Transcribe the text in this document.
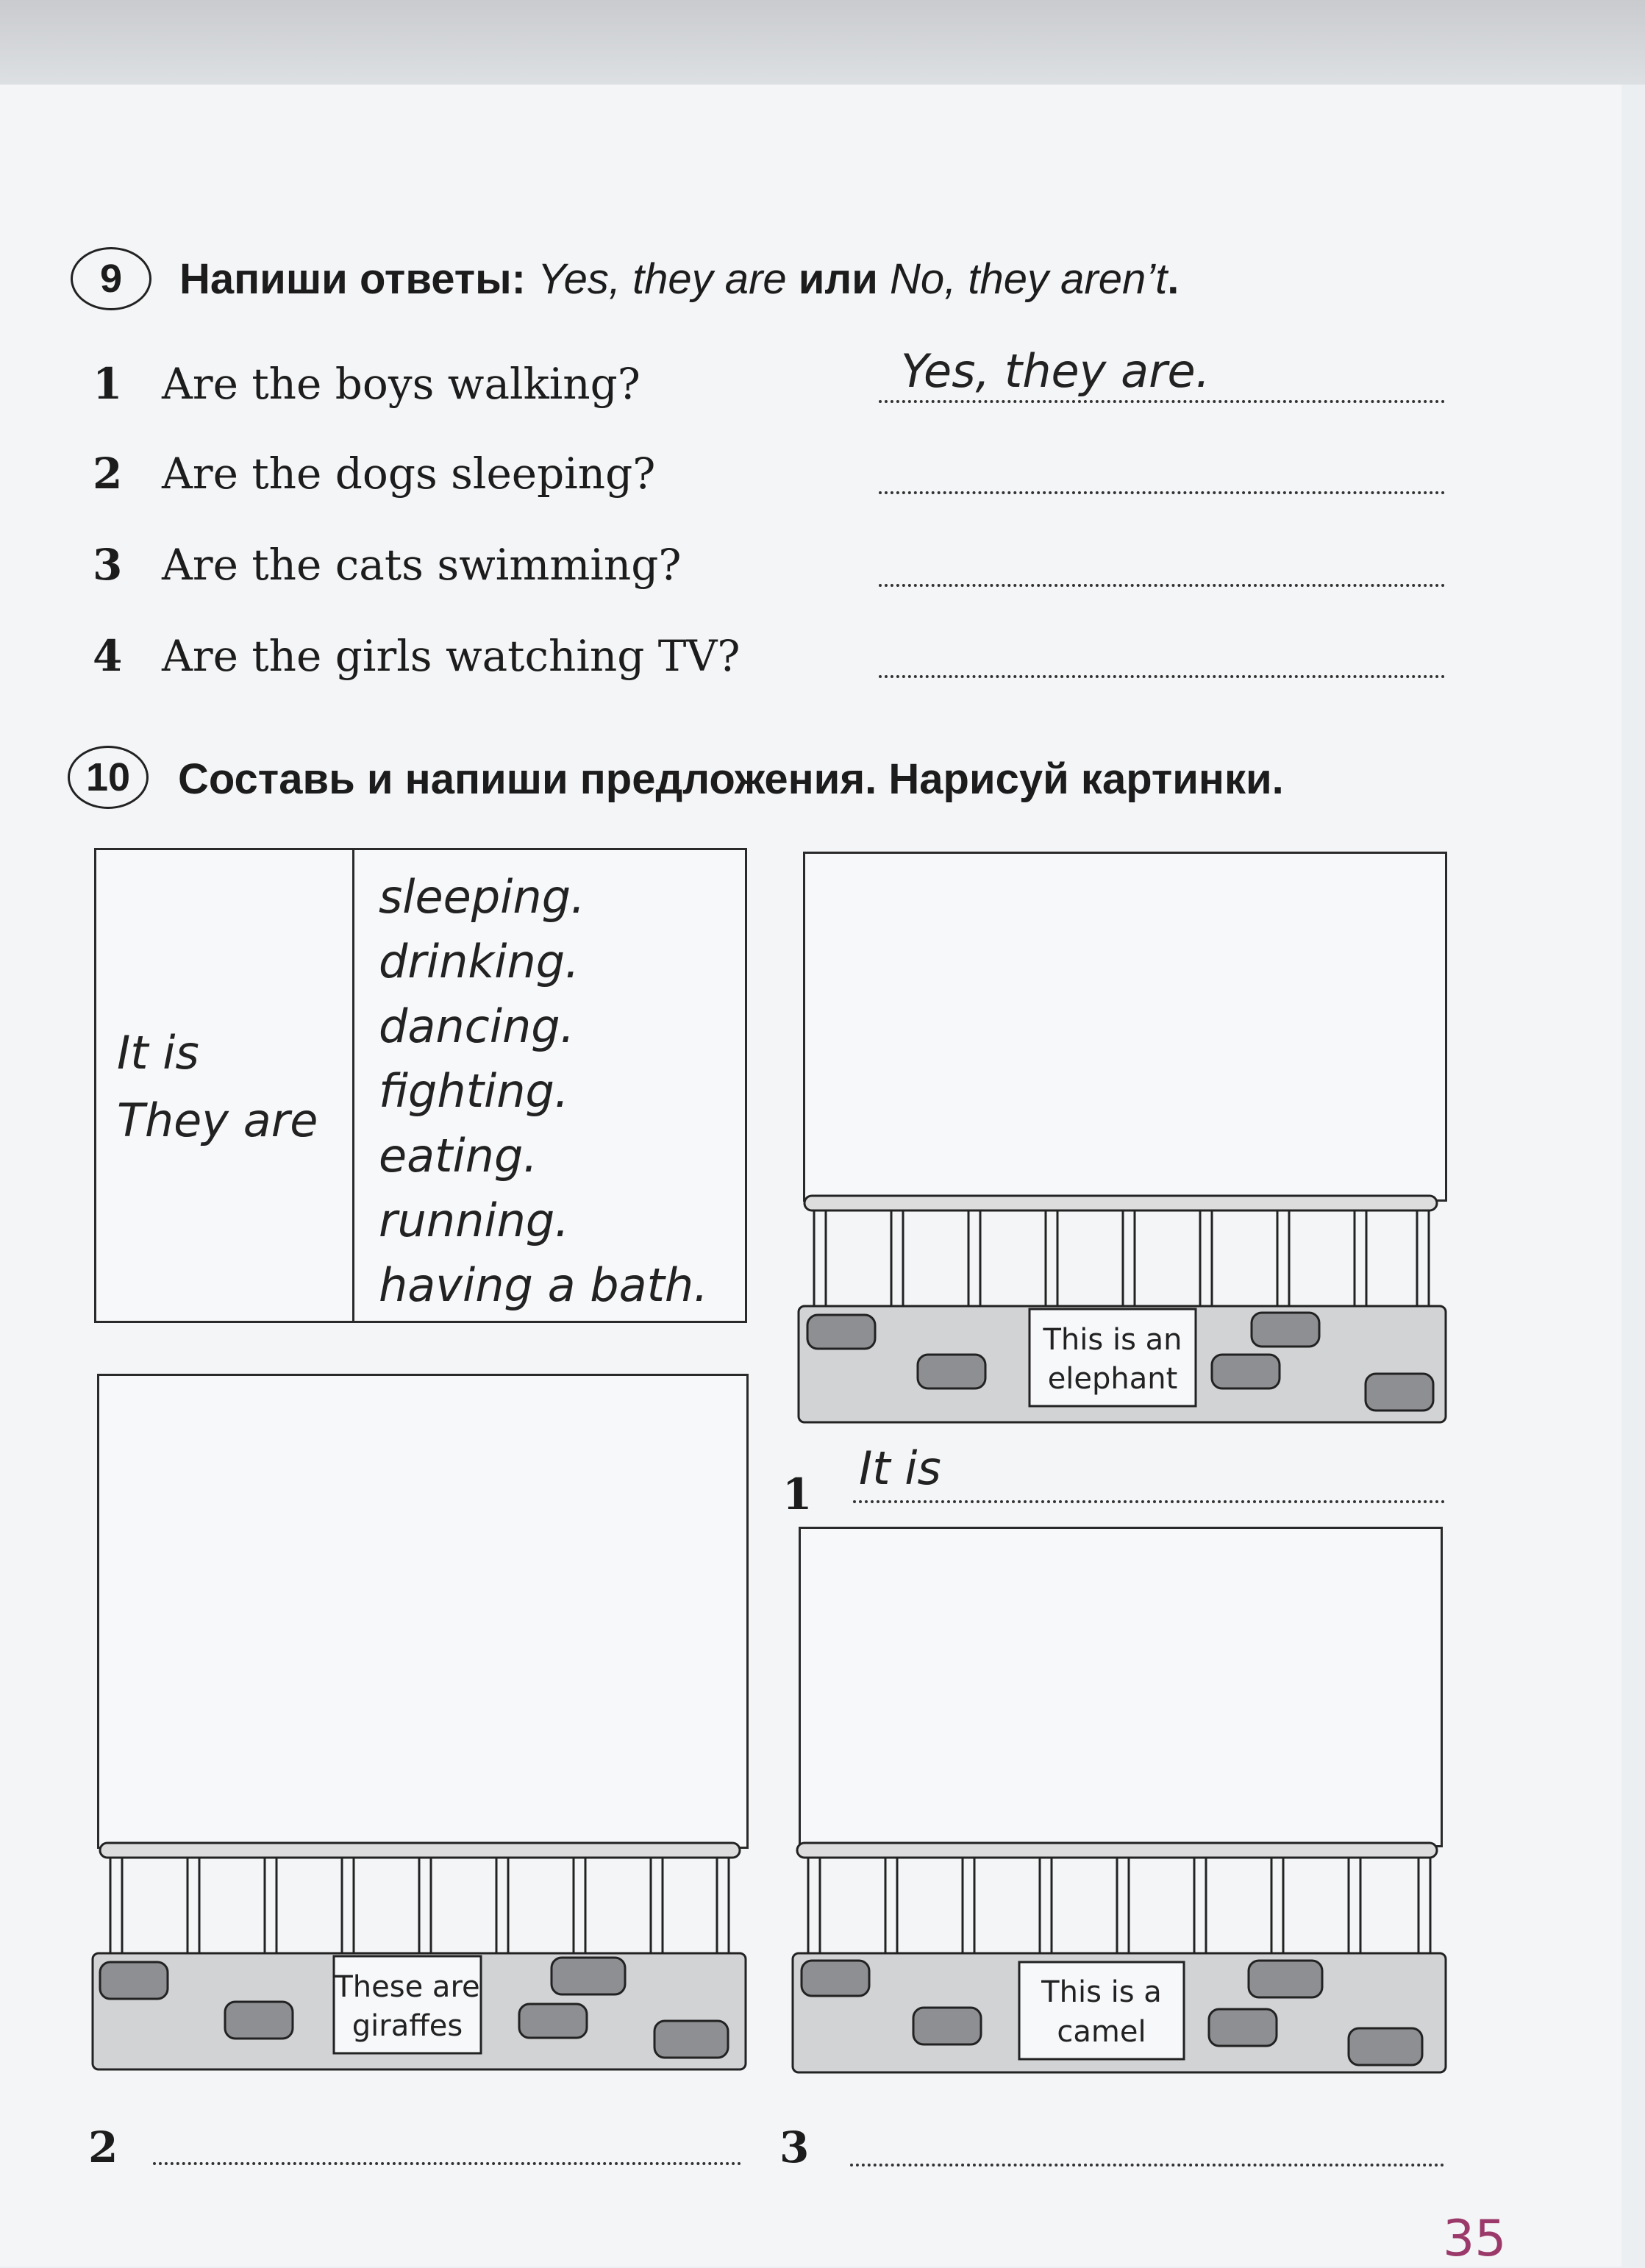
9	Напиши ответы: Yes, they are или No, they aren’t.
1 Are the boys walking?	Yes, they are.
2 Are the dogs sleeping?
3 Are the cats swimming?
4 Are the girls watching TV?
10	Составь и напиши предложения. Нарисуй картинки.
It is
They are
sleeping.
drinking.
dancing.
fighting.
eating.
running.
having a bath.
This is an
elephant
1 It is
These are
giraffes
This is a
camel
2	3
35
